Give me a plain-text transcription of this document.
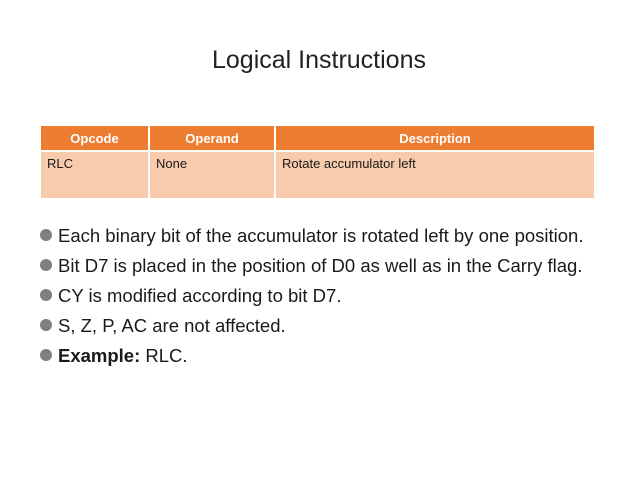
Logical Instructions
Opcode	Operand	Description
RLC	None	Rotate accumulator left
Each binary bit of the accumulator is rotated left by one position.
Bit D7 is placed in the position of D0 as well as in the Carry flag.
CY is modified according to bit D7.
S, Z, P, AC are not affected.
Example: RLC.
